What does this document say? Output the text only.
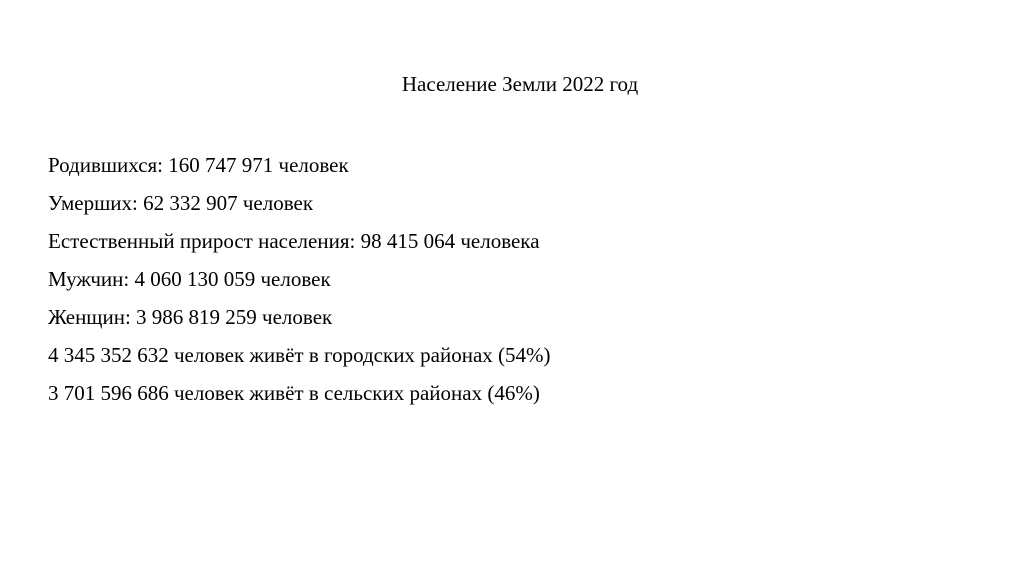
Население Земли 2022 год
Родившихся: 160 747 971 человек
Умерших: 62 332 907 человек
Естественный прирост населения: 98 415 064 человека
Мужчин: 4 060 130 059 человек
Женщин: 3 986 819 259 человек
4 345 352 632 человек живёт в городских районах (54%)
3 701 596 686 человек живёт в сельских районах (46%)
